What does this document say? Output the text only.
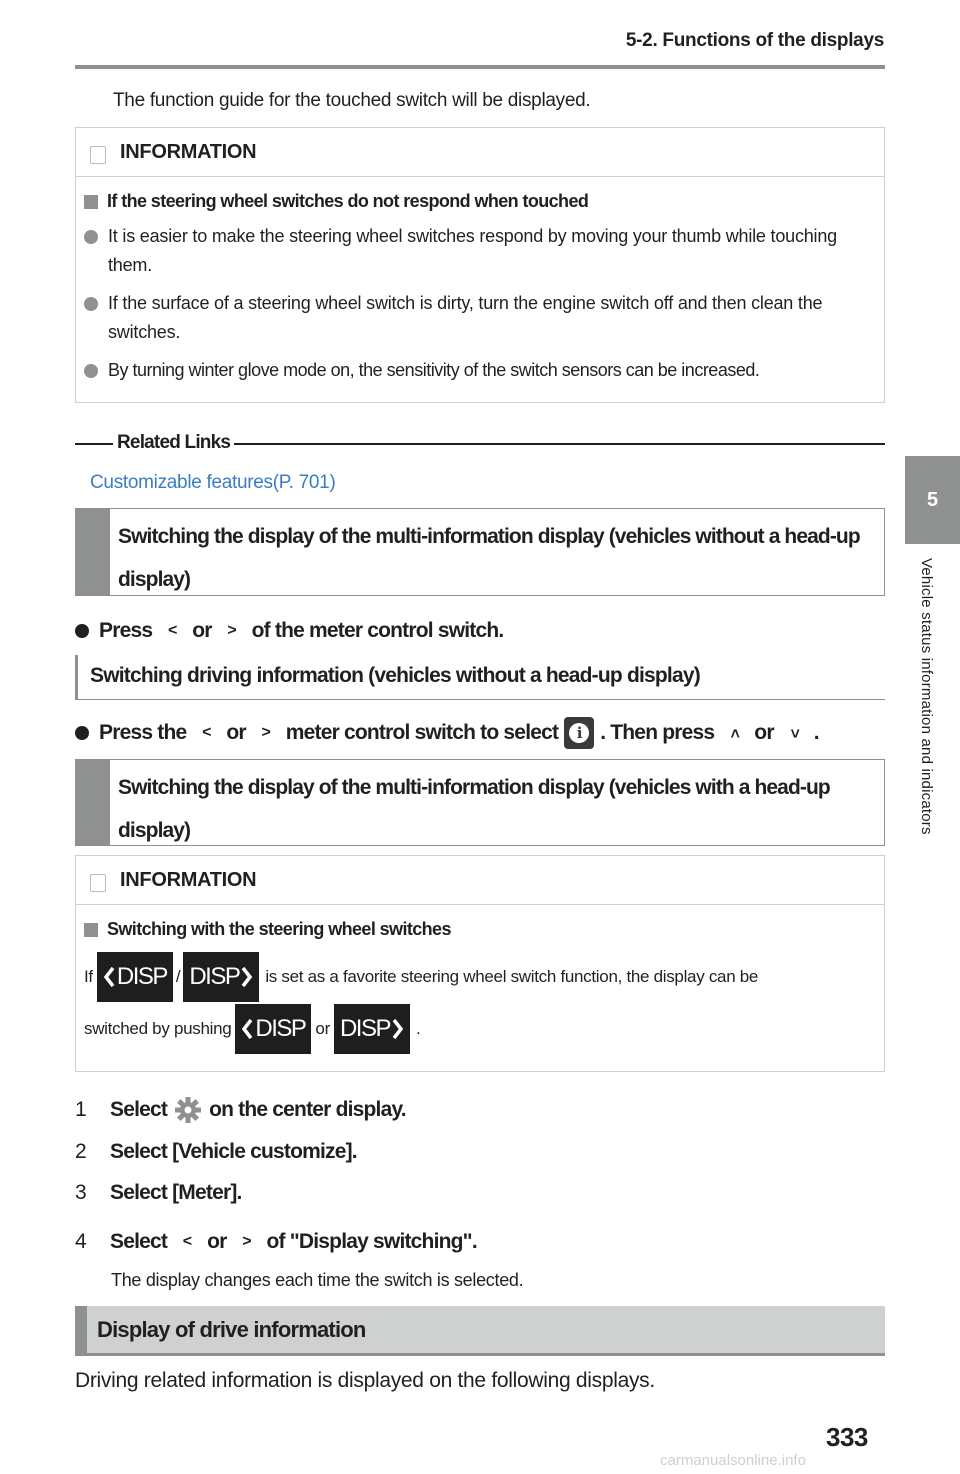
5-2. Functions of the displays
5
Vehicle status information and indicators
The function guide for the touched switch will be displayed.
INFORMATION
If the steering wheel switches do not respond when touched
It is easier to make the steering wheel switches respond by moving your thumb while touching them.
If the surface of a steering wheel switch is dirty, turn the engine switch off and then clean the switches.
By turning winter glove mode on, the sensitivity of the switch sensors can be increased.
Related Links
Customizable features(P. 701)
Switching the display of the multi-information display (vehicles without a head-up display)
Press < or > of the meter control switch.
Switching driving information (vehicles without a head-up display)
Press the < or > meter control switch to select	i . Then press < or > .
Switching the display of the multi-information display (vehicles with a head-up display)
INFORMATION
Switching with the steering wheel switches
If DISP / DISP is set as a favorite steering wheel switch function, the display can be
switched by pushing DISP or DISP .
1	Select on the center display.
2	Select [Vehicle customize].
3	Select [Meter].
4	Select < or > of "Display switching".
The display changes each time the switch is selected.
Display of drive information
Driving related information is displayed on the following displays.
333
carmanualsonline.info
